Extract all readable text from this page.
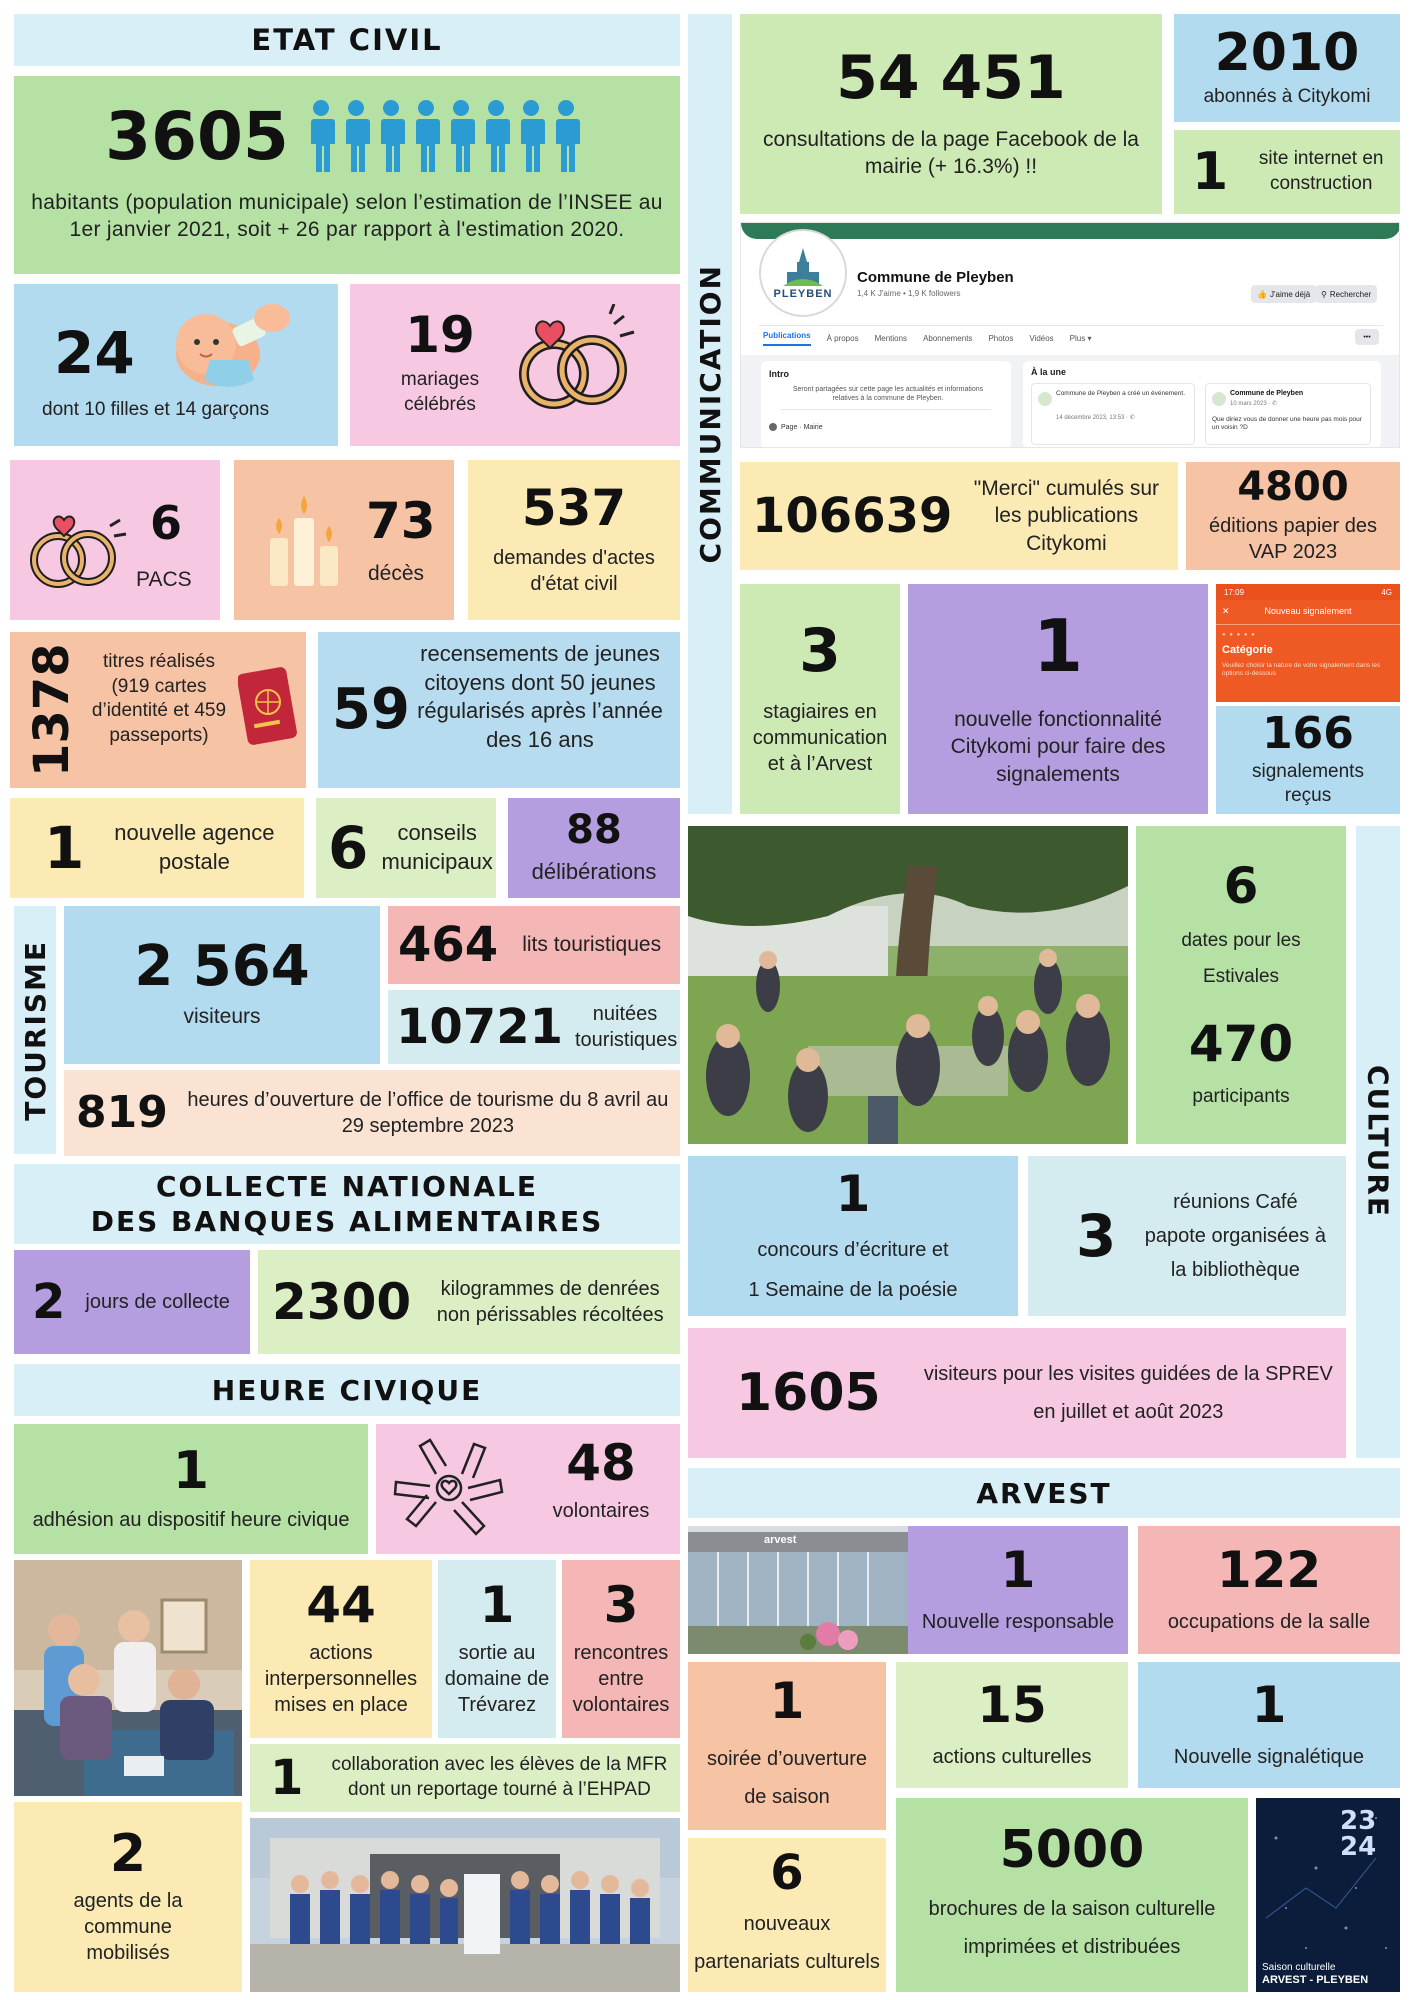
ETAT CIVIL
3605
habitants (population municipale) selon l’estimation de l’INSEE au 1er janvier 2021, soit + 26 par rapport à l'estimation 2020.
24
dont 10 filles et 14 garçons
19
mariages célébrés
6
PACS
73
décès
537
demandes d'actes d'état civil
1378	titres réalisés (919 cartes d’identité et 459 passeports)	59
recensements de jeunes citoyens dont 50 jeunes régularisés après l’année des 16 ans
1	nouvelle agence postale	6	conseils municipaux
88
délibérations
TOURISME 2 564
visiteurs
464 lits touristiques
10721	nuitées touristiques
819 heures d’ouverture de l’office de tourisme du 8 avril au 29 septembre 2023
COLLECTE NATIONALE
DES BANQUES ALIMENTAIRES
2 jours de collecte 2300 kilogrammes de denrées non périssables récoltées
HEURE CIVIQUE
1
adhésion au dispositif heure civique
48
volontaires
44
actions interpersonnelles mises en place
1
sortie au domaine de Trévarez
3
rencontres entre volontaires
1	collaboration avec les élèves de la MFR dont un reportage tourné à l’EHPAD
2
agents de la commune mobilisés
COMMUNICATION
54 451
consultations de la page Facebook de la mairie (+ 16.3%) !!
2010
abonnés à Citykomi
1	site internet en construction
PLEYBEN
Commune de Pleyben
1,4 K J'aime • 1,9 K followers	👍 J'aime déjà ⚲ Rechercher
Publications À propos Mentions Abonnements Photos Vidéos Plus ▾	•••
Intro
Seront partagées sur cette page les actualités et informations relatives à la commune de Pleyben.
Page · Mairie
À la une
Commune de Pleyben a créé un événement.
14 décembre 2023, 13:53 · ✆
Commune de Pleyben
10 mars 2023 · ✆
Que diriez vous de donner une heure pas mois pour un voisin ?D
106639	"Merci" cumulés sur les publications Citykomi
4800
éditions papier des VAP 2023
3
stagiaires en communication et à l’Arvest
1
nouvelle fonctionnalité Citykomi pour faire des signalements
17:09	4G
✕	Nouveau signalement
● ● ● ● ●
Catégorie
Veuillez choisir la nature de votre signalement dans les options ci-dessous
166
signalements reçus
6
dates pour les Estivales
470
participants	CULTURE
1
concours d’écriture et
1 Semaine de la poésie
3	réunions Café papote organisées à la bibliothèque
1605	visiteurs pour les visites guidées de la SPREV en juillet et août 2023
ARVEST
arvest
1
Nouvelle responsable
122
occupations de la salle
1
soirée d’ouverture de saison
15
actions culturelles
1
Nouvelle signalétique
6
nouveaux partenariats culturels
5000
brochures de la saison culturelle imprimées et distribuées
23
24
Saison culturelle
ARVEST - PLEYBEN
